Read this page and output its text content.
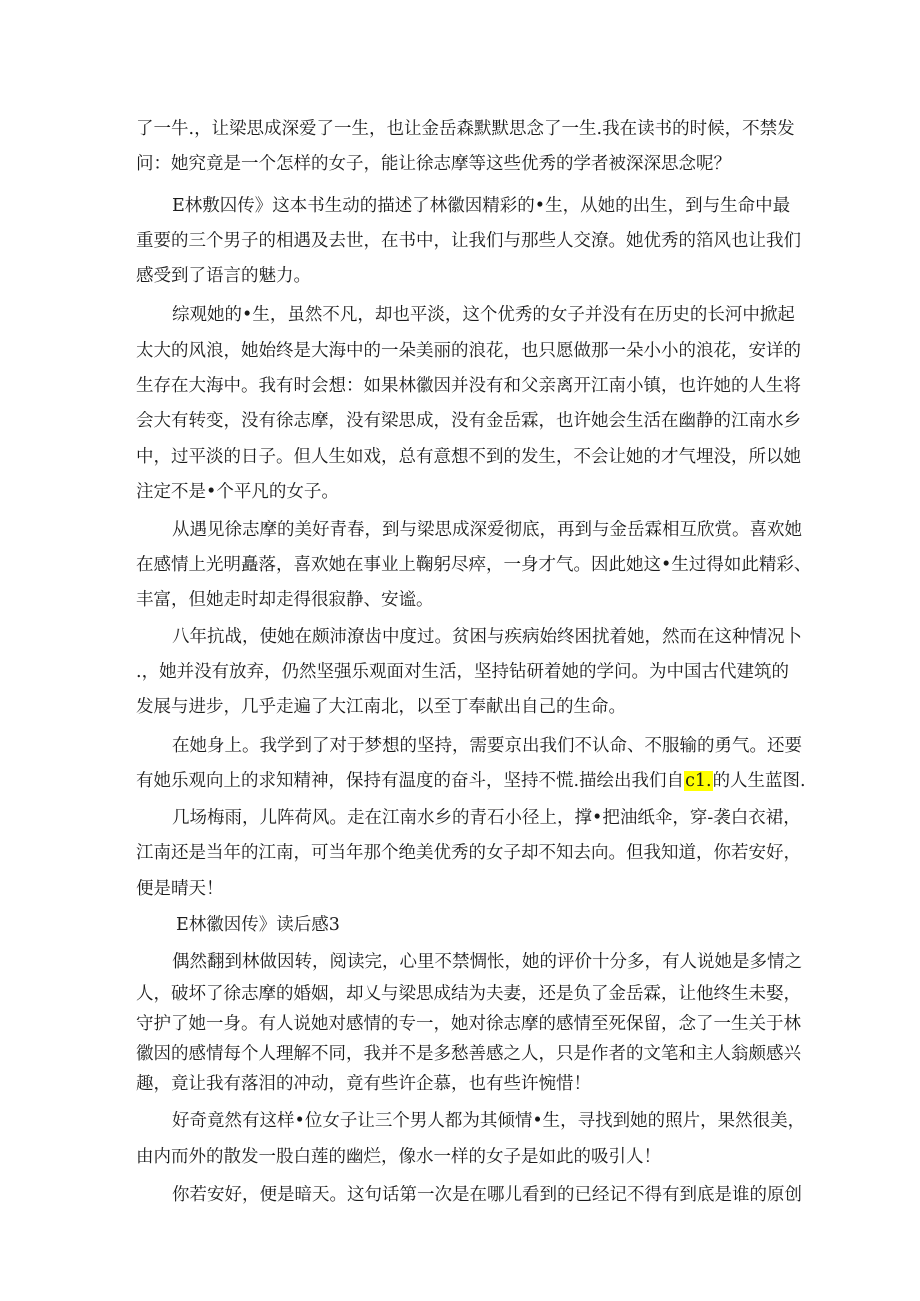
了一牛.，让梁思成深爱了一生，也让金岳森默默思念了一生.我在读书的时候，不禁发
问：她究竟是一个怎样的女子，能让徐志摩等这些优秀的学者被深深思念呢？
E林敷囚传》这本书生动的描述了林徽因精彩的•生，从她的出生，到与生命中最
重要的三个男子的相遇及去世，在书中，让我们与那些人交潦。她优秀的箔风也让我们
感受到了语言的魅力。
综观她的•生，虽然不凡，却也平淡，这个优秀的女子并没有在历史的长河中掀起
太大的风浪，她始终是大海中的一朵美丽的浪花，也只愿做那一朵小小的浪花，安详的
生存在大海中。我有时会想：如果林徽因并没有和父亲离开江南小镇，也许她的人生将
会大有转变，没有徐志摩，没有梁思成，没有金岳霖，也许她会生活在幽静的江南水乡
中，过平淡的日子。但人生如戏，总有意想不到的发生，不会让她的才气埋没，所以她
注定不是•个平凡的女子。
从遇见徐志摩的美好青春，到与梁思成深爱彻底，再到与金岳霖相互欣赏。喜欢她
在感情上光明矗落，喜欢她在事业上鞠躬尽瘁，一身才气。因此她这•生过得如此精彩、
丰富，但她走时却走得很寂静、安谧。
八年抗战，使她在颇沛潦齿中度过。贫困与疾病始终困扰着她，然而在这种情况卜
.，她并没有放弃，仍然坚强乐观面对生活，坚持钻研着她的学问。为中国古代建筑的
发展与进步，几乎走遍了大江南北，以至丁奉献出自己的生命。
在她身上。我学到了对于梦想的坚持，需要京出我们不认命、不服输的勇气。还要
有她乐观向上的求知精神，保持有温度的奋斗，坚持不慌.描绘出我们自c1.的人生蓝图.
几场梅雨，儿阵荷风。走在江南水乡的青石小径上，撑•把油纸伞，穿-袭白衣裙，
江南还是当年的江南，可当年那个绝美优秀的女子却不知去向。但我知道，你若安好，
便是晴天！
E林徽因传》读后感3
偶然翻到林做因转，阅读完，心里不禁惆怅，她的评价十分多，有人说她是多情之
人，破坏了徐志摩的婚姻，却乂与梁思成结为夫妻，还是负了金岳霖，让他终生未娶，
守护了她一身。有人说她对感情的专一，她对徐志摩的感情至死保留，念了一生关于林
徽因的感情每个人理解不同，我并不是多愁善感之人，只是作者的文笔和主人翁颇感兴
趣，竟让我有落泪的冲动，竟有些许企慕，也有些许惋惜！
好奇竟然有这样•位女子让三个男人都为其倾情•生，寻找到她的照片，果然很美，
由内而外的散发一股白莲的幽烂，像水一样的女子是如此的吸引人！
你若安好，便是暗天。这句话第一次是在哪儿看到的已经记不得有到底是谁的原创
